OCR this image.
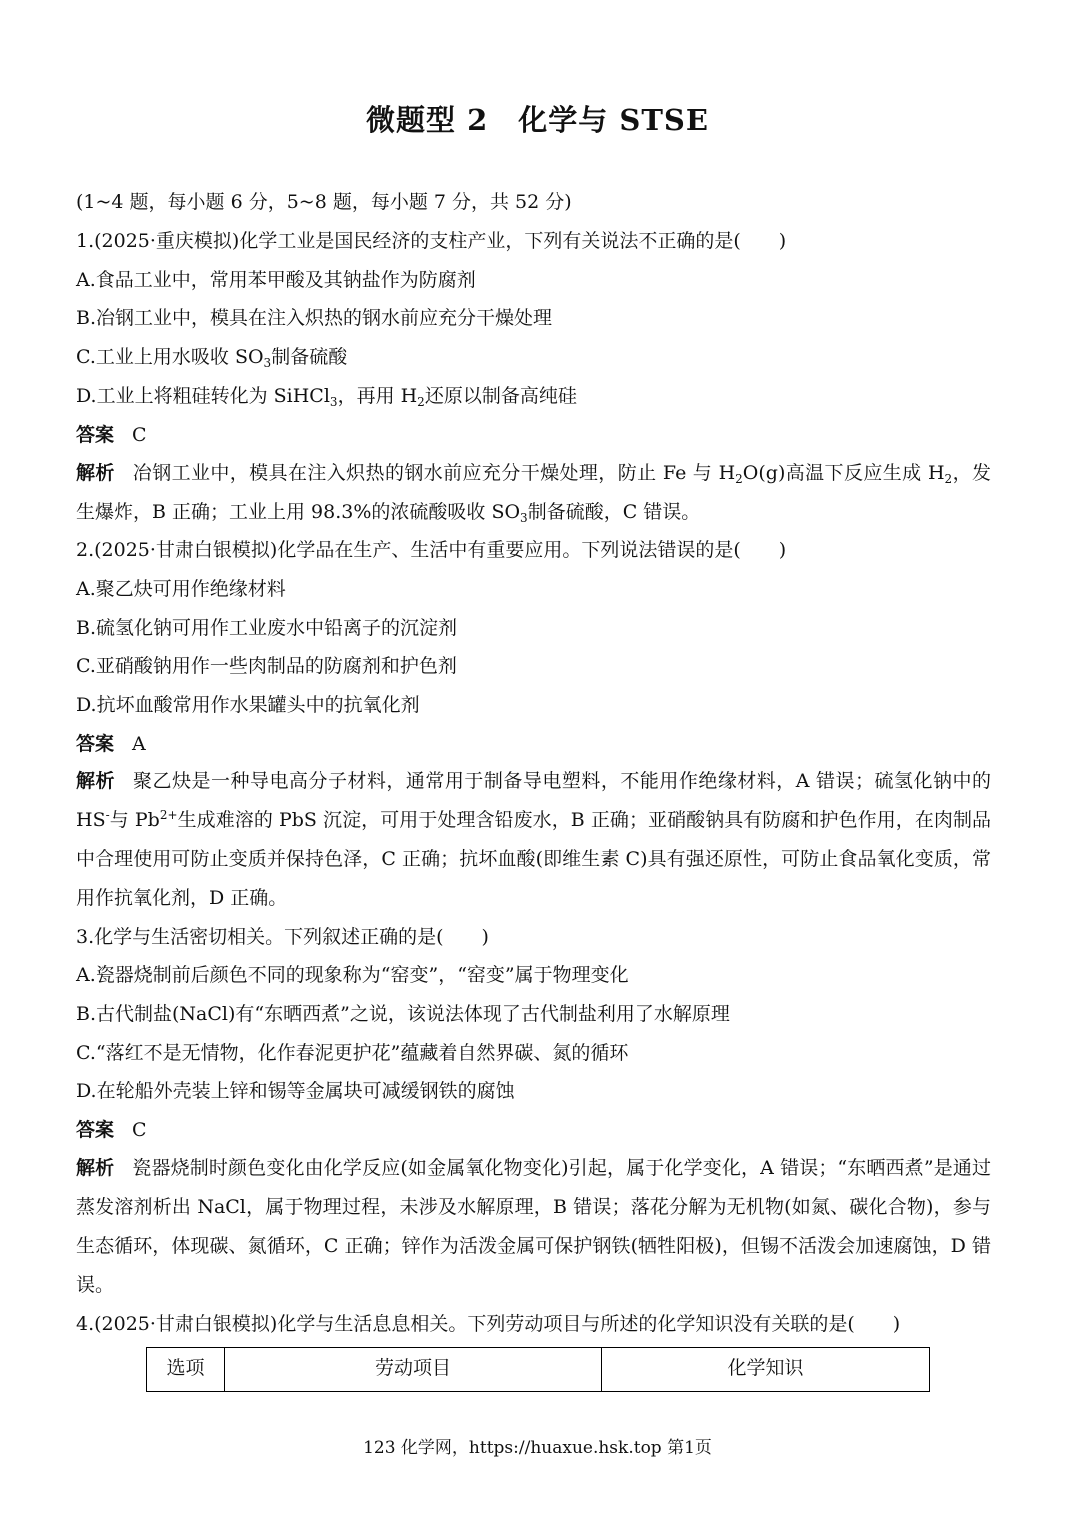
微题型 2　化学与 STSE
(1~4 题，每小题 6 分，5~8 题，每小题 7 分，共 52 分)
1.(2025·重庆模拟)化学工业是国民经济的支柱产业，下列有关说法不正确的是(　　)
A.食品工业中，常用苯甲酸及其钠盐作为防腐剂
B.冶钢工业中，模具在注入炽热的钢水前应充分干燥处理
C.工业上用水吸收 $SO_3$制备硫酸
D.工业上将粗硅转化为 SiHCl$_3$，再用 $H_2$还原以制备高纯硅
答案 C
解析 冶钢工业中，模具在注入炽热的钢水前应充分干燥处理，防止 Fe 与 $H_2O(g)$高温下反应生成 $H_2$，发生爆炸，B 正确；工业上用 98.3%的浓硫酸吸收 $SO_3$制备硫酸，C 错误。
2.(2025·甘肃白银模拟)化学品在生产、生活中有重要应用。下列说法错误的是(　　)
A.聚乙炔可用作绝缘材料
B.硫氢化钠可用作工业废水中铅离子的沉淀剂
C.亚硝酸钠用作一些肉制品的防腐剂和护色剂
D.抗坏血酸常用作水果罐头中的抗氧化剂
答案 A
解析 聚乙炔是一种导电高分子材料，通常用于制备导电塑料，不能用作绝缘材料，A 错误；硫氢化钠中的 HS-与 $Pb^{2+}$生成难溶的 PbS 沉淀，可用于处理含铅废水，B 正确；亚硝酸钠具有防腐和护色作用，在肉制品中合理使用可防止变质并保持色泽，C 正确；抗坏血酸(即维生素 C)具有强还原性，可防止食品氧化变质，常用作抗氧化剂，D 正确。
3.化学与生活密切相关。下列叙述正确的是(　　)
A.瓷器烧制前后颜色不同的现象称为“窑变”，“窑变”属于物理变化
B.古代制盐(NaCl)有“东晒西煮”之说，该说法体现了古代制盐利用了水解原理
C.“落红不是无情物，化作春泥更护花”蕴藏着自然界碳、氮的循环
D.在轮船外壳装上锌和锡等金属块可减缓钢铁的腐蚀
答案 C
解析 瓷器烧制时颜色变化由化学反应(如金属氧化物变化)引起，属于化学变化，A 错误；“东晒西煮”是通过蒸发溶剂析出 NaCl，属于物理过程，未涉及水解原理，B 错误；落花分解为无机物(如氮、碳化合物)，参与生态循环，体现碳、氮循环，C 正确；锌作为活泼金属可保护钢铁(牺牲阳极)，但锡不活泼会加速腐蚀，D 错误。
4.(2025·甘肃白银模拟)化学与生活息息相关。下列劳动项目与所述的化学知识没有关联的是(　　)
选项	劳动项目	化学知识
123 化学网，https://huaxue.hsk.top 第1页
